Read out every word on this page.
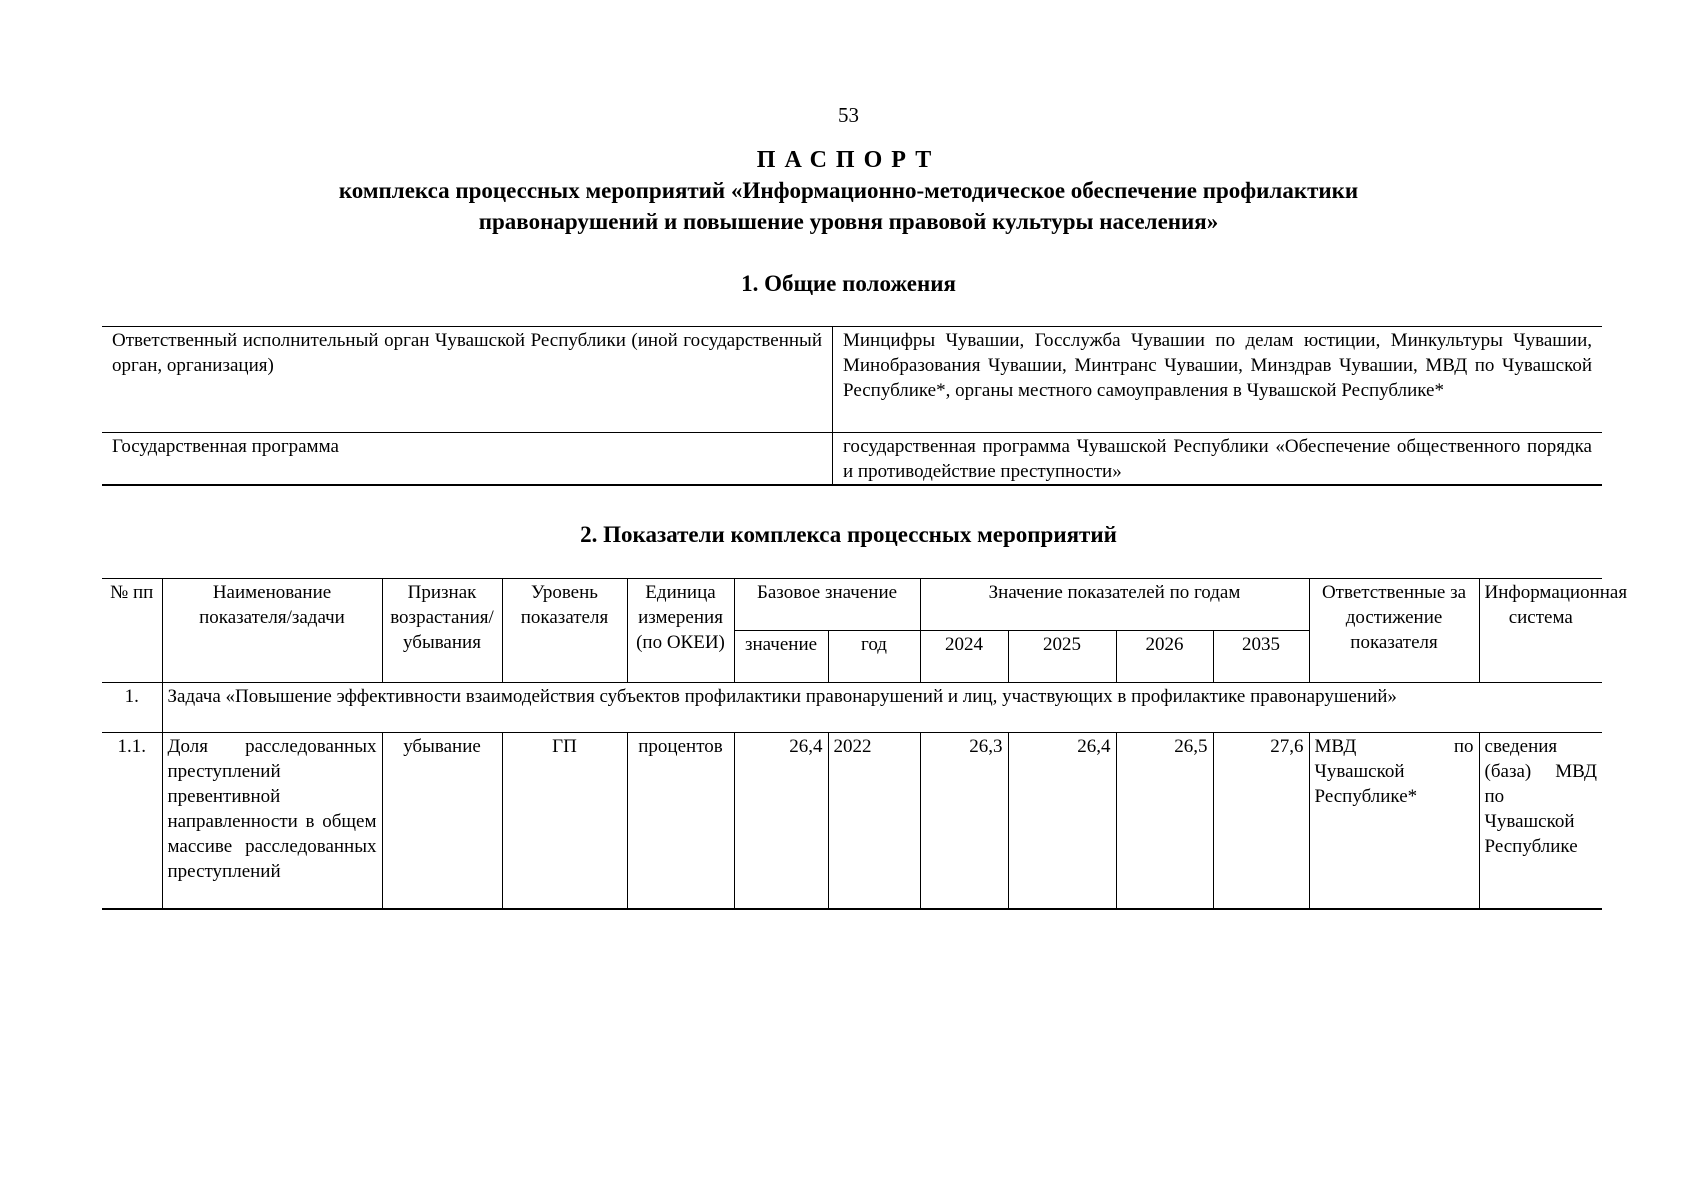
53
ПАСПОРТ
комплекса процессных мероприятий «Информационно-методическое обеспечение профилактики
правонарушений и повышение уровня правовой культуры населения»
1. Общие положения
Ответственный исполнительный орган Чувашской Республики (иной государственный орган, организация)	Минцифры Чувашии, Госслужба Чувашии по делам юстиции, Минкультуры Чувашии, Минобразования Чувашии, Минтранс Чувашии, Минздрав Чувашии, МВД по Чувашской Республике*, органы местного самоуправления в Чувашской Республике*
Государственная программа	государственная программа Чувашской Республики «Обеспечение общественного порядка и противодействие преступности»
2. Показатели комплекса процессных мероприятий
№ пп	Наименование показателя/задачи	Признак возрастания/убывания	Уровень показателя	Единица измерения (по ОКЕИ)	Базовое значение		Значение показателей по годам				Ответственные за достижение показателя	Информационная система
					значение	год	2024	2025	2026	2035		
1.	Задача «Повышение эффективности взаимодействия субъектов профилактики правонарушений и лиц, участвующих в профилактике правонарушений»											
1.1.	Доля расследованных преступлений превентивной направленности в общем массиве расследованных преступлений	убывание	ГП	процентов	26,4	2022	26,3	26,4	26,5	27,6	МВД по Чувашской Республике*	сведения (база) МВД по Чувашской Республике
